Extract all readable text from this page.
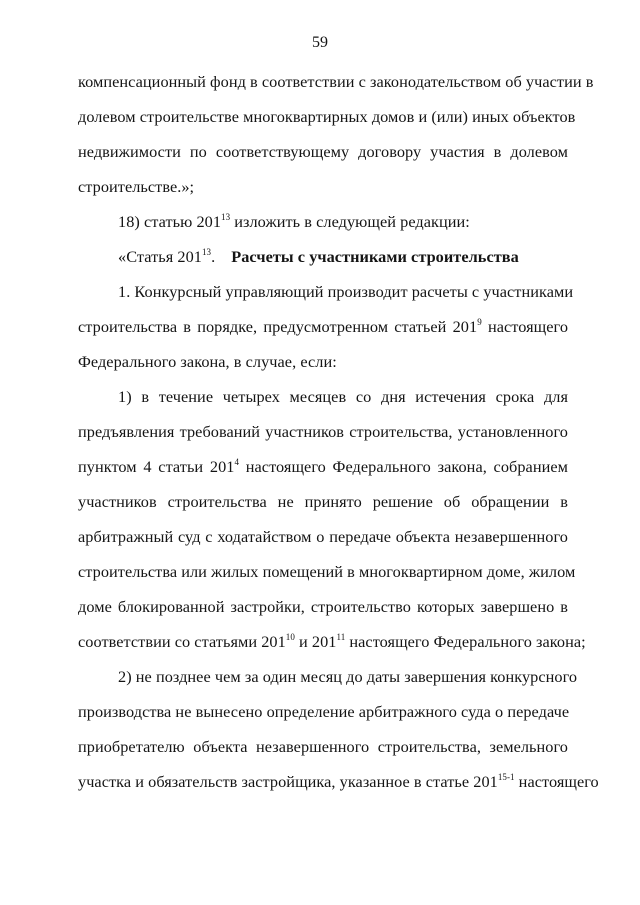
59
компенсационный фонд в соответствии с законодательством об участии в
долевом строительстве многоквартирных домов и (или) иных объектов
недвижимости по соответствующему договору участия в долевом
строительстве.»;
18) статью $201^{13}$ изложить в следующей редакции:
«Статья $201^{13}$. Расчеты с участниками строительства
1. Конкурсный управляющий производит расчеты с участниками
строительства в порядке, предусмотренном статьей $201^9$ настоящего
Федерального закона, в случае, если:
1) в течение четырех месяцев со дня истечения срока для
предъявления требований участников строительства, установленного
пунктом 4 статьи $201^4$ настоящего Федерального закона, собранием
участников строительства не принято решение об обращении в
арбитражный суд с ходатайством о передаче объекта незавершенного
строительства или жилых помещений в многоквартирном доме, жилом
доме блокированной застройки, строительство которых завершено в
соответствии со статьями $201^{10}$ и $201^{11}$ настоящего Федерального закона;
2) не позднее чем за один месяц до даты завершения конкурсного
производства не вынесено определение арбитражного суда о передаче
приобретателю объекта незавершенного строительства, земельного
участка и обязательств застройщика, указанное в статье 201$^{15-1}$ настоящего
